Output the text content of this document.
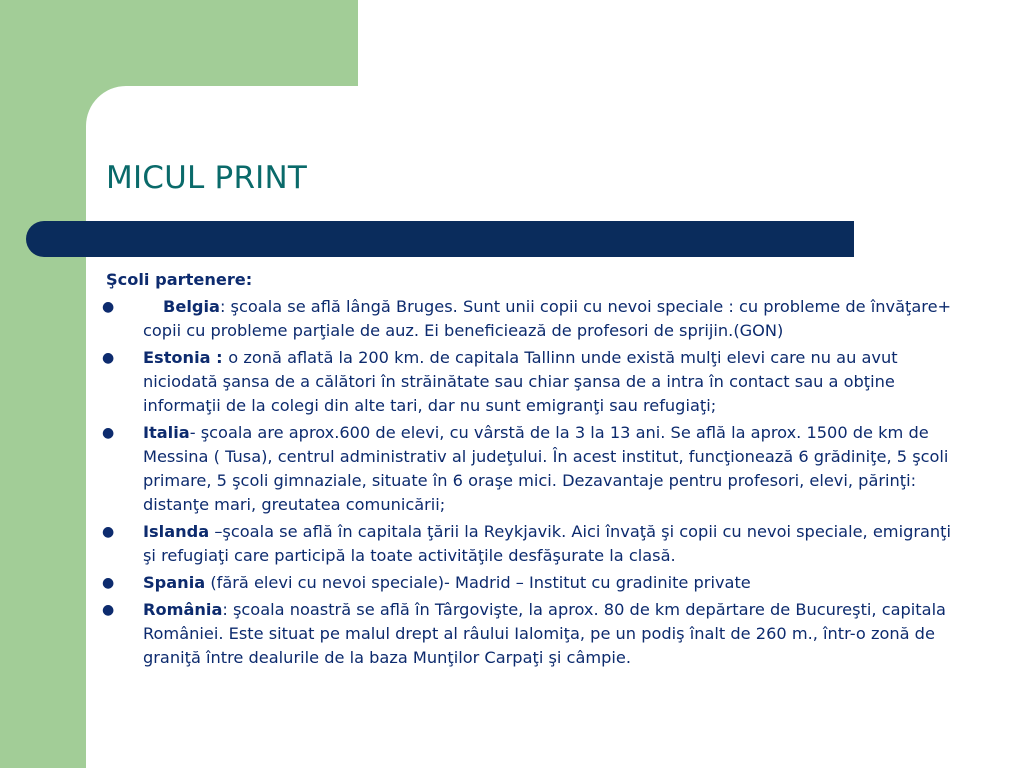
MICUL PRINT
Şcoli partenere:
●	Belgia: şcoala se află lângă Bruges. Sunt unii copii cu nevoi speciale : cu probleme de învăţare+ copii cu probleme parţiale de auz. Ei beneficiează de profesori de sprijin.(GON)
● Estonia : o zonă aflată la 200 km. de capitala Tallinn unde există mulţi elevi care nu au avut niciodată şansa de a călători în străinătate sau chiar şansa de a intra în contact sau a obţine informaţii de la colegi din alte tari, dar nu sunt emigranţi sau refugiaţi;
● Italia- şcoala are aprox.600 de elevi, cu vârstă de la 3 la 13 ani. Se află la aprox. 1500 de km de Messina ( Tusa), centrul administrativ al judeţului. În acest institut, funcţionează 6 grădiniţe, 5 şcoli primare, 5 şcoli gimnaziale, situate în 6 oraşe mici. Dezavantaje pentru profesori, elevi, părinţi: distanţe mari, greutatea comunicării;
● Islanda –şcoala se află în capitala ţării la Reykjavik. Aici învaţă şi copii cu nevoi speciale, emigranţi şi refugiaţi care participă la toate activităţile desfăşurate la clasă.
● Spania (fără elevi cu nevoi speciale)- Madrid – Institut cu gradinite private
● România: şcoala noastră se află în Târgovişte, la aprox. 80 de km depărtare de Bucureşti, capitala României. Este situat pe malul drept al râului Ialomiţa, pe un podiş înalt de 260 m., într-o zonă de graniţă între dealurile de la baza Munţilor Carpaţi şi câmpie.
